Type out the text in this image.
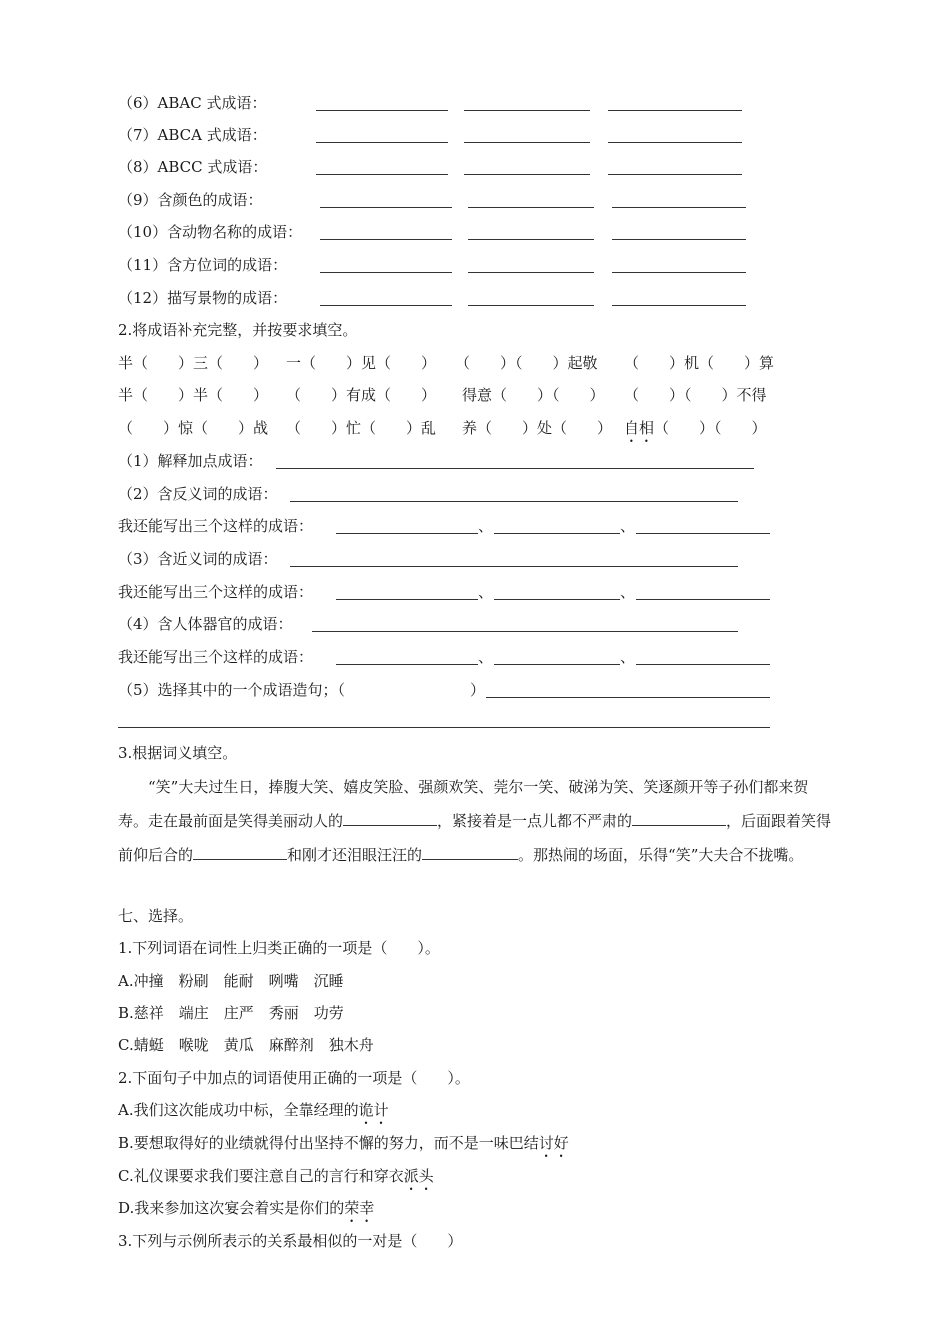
（6）ABAC 式成语：
（7）ABCA 式成语：
（8）ABCC 式成语：
（9）含颜色的成语：
（10）含动物名称的成语：
（11）含方位词的成语：
（12）描写景物的成语：
2.将成语补充完整，并按要求填空。
半（　　）三（　　） 一（　　）见（　　） （　　）（　　）起敬 （　　）机（　　）算
半（　　）半（　　） （　　）有成（　　） 得意（　　）（　　） （　　）（　　）不得
（　　）惊（　　）战 （　　）忙（　　）乱 养（　　）处（　　） 自相（　　）（　　）
（1）解释加点成语：
（2）含反义词的成语：
我还能写出三个这样的成语：	、	、
（3）含近义词的成语：
我还能写出三个这样的成语：	、	、
（4）含人体器官的成语：
我还能写出三个这样的成语：	、	、
（5）选择其中的一个成语造句；（	）
3.根据词义填空。
“笑”大夫过生日，捧腹大笑、嬉皮笑脸、强颜欢笑、莞尔一笑、破涕为笑、笑逐颜开等子孙们都来贺寿。走在最前面是笑得美丽动人的	，紧接着是一点儿都不严肃的	，后面跟着笑得前仰后合的	和刚才还泪眼汪汪的	。那热闹的场面，乐得“笑”大夫合不拢嘴。
七、选择。
1.下列词语在词性上归类正确的一项是（　　）。
A.冲撞　粉刷　能耐　咧嘴　沉睡
B.慈祥　端庄　庄严　秀丽　功劳
C.蜻蜓　喉咙　黄瓜　麻醉剂　独木舟
2.下面句子中加点的词语使用正确的一项是（　　）。
A.我们这次能成功中标，全靠经理的诡计
B.要想取得好的业绩就得付出坚持不懈的努力，而不是一味巴结讨好
C.礼仪课要求我们要注意自己的言行和穿衣派头
D.我来参加这次宴会着实是你们的荣幸
3.下列与示例所表示的关系最相似的一对是（　　）
